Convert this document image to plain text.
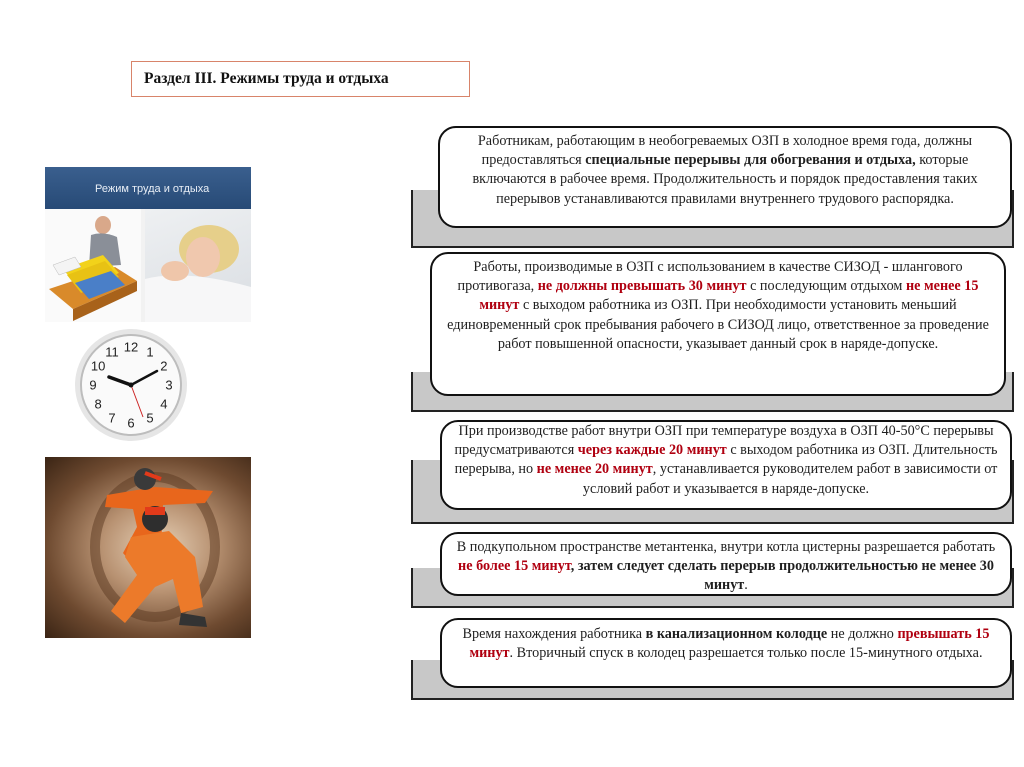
Раздел III. Режимы труда и отдыха
Режим труда и отдыха
12 1
2
3
4
5
6
7
8
9
10
11
Работникам, работающим в необогреваемых ОЗП в холодное время года, должны предоставляться специальные перерывы для обогревания и отдыха, которые включаются в рабочее время. Продолжительность и порядок предоставления таких перерывов устанавливаются правилами внутреннего трудового распорядка.
Работы, производимые в ОЗП с использованием в качестве СИЗОД - шлангового противогаза, не должны превышать 30 минут с последующим отдыхом не менее 15 минут с выходом работника из ОЗП. При необходимости установить меньший единовременный срок пребывания рабочего в СИЗОД лицо, ответственное за проведение работ повышенной опасности, указывает данный срок в наряде-допуске.
При производстве работ внутри ОЗП при температуре воздуха в ОЗП 40-50°С перерывы предусматриваются через каждые 20 минут с выходом работника из ОЗП. Длительность перерыва, но не менее 20 минут, устанавливается руководителем работ в зависимости от условий работ и указывается в наряде-допуске.
В подкупольном пространстве метантенка, внутри котла цистерны разрешается работать не более 15 минут, затем следует сделать перерыв продолжительностью не менее 30 минут.
Время нахождения работника в канализационном колодце не должно превышать 15 минут. Вторичный спуск в колодец разрешается только после 15-минутного отдыха.
